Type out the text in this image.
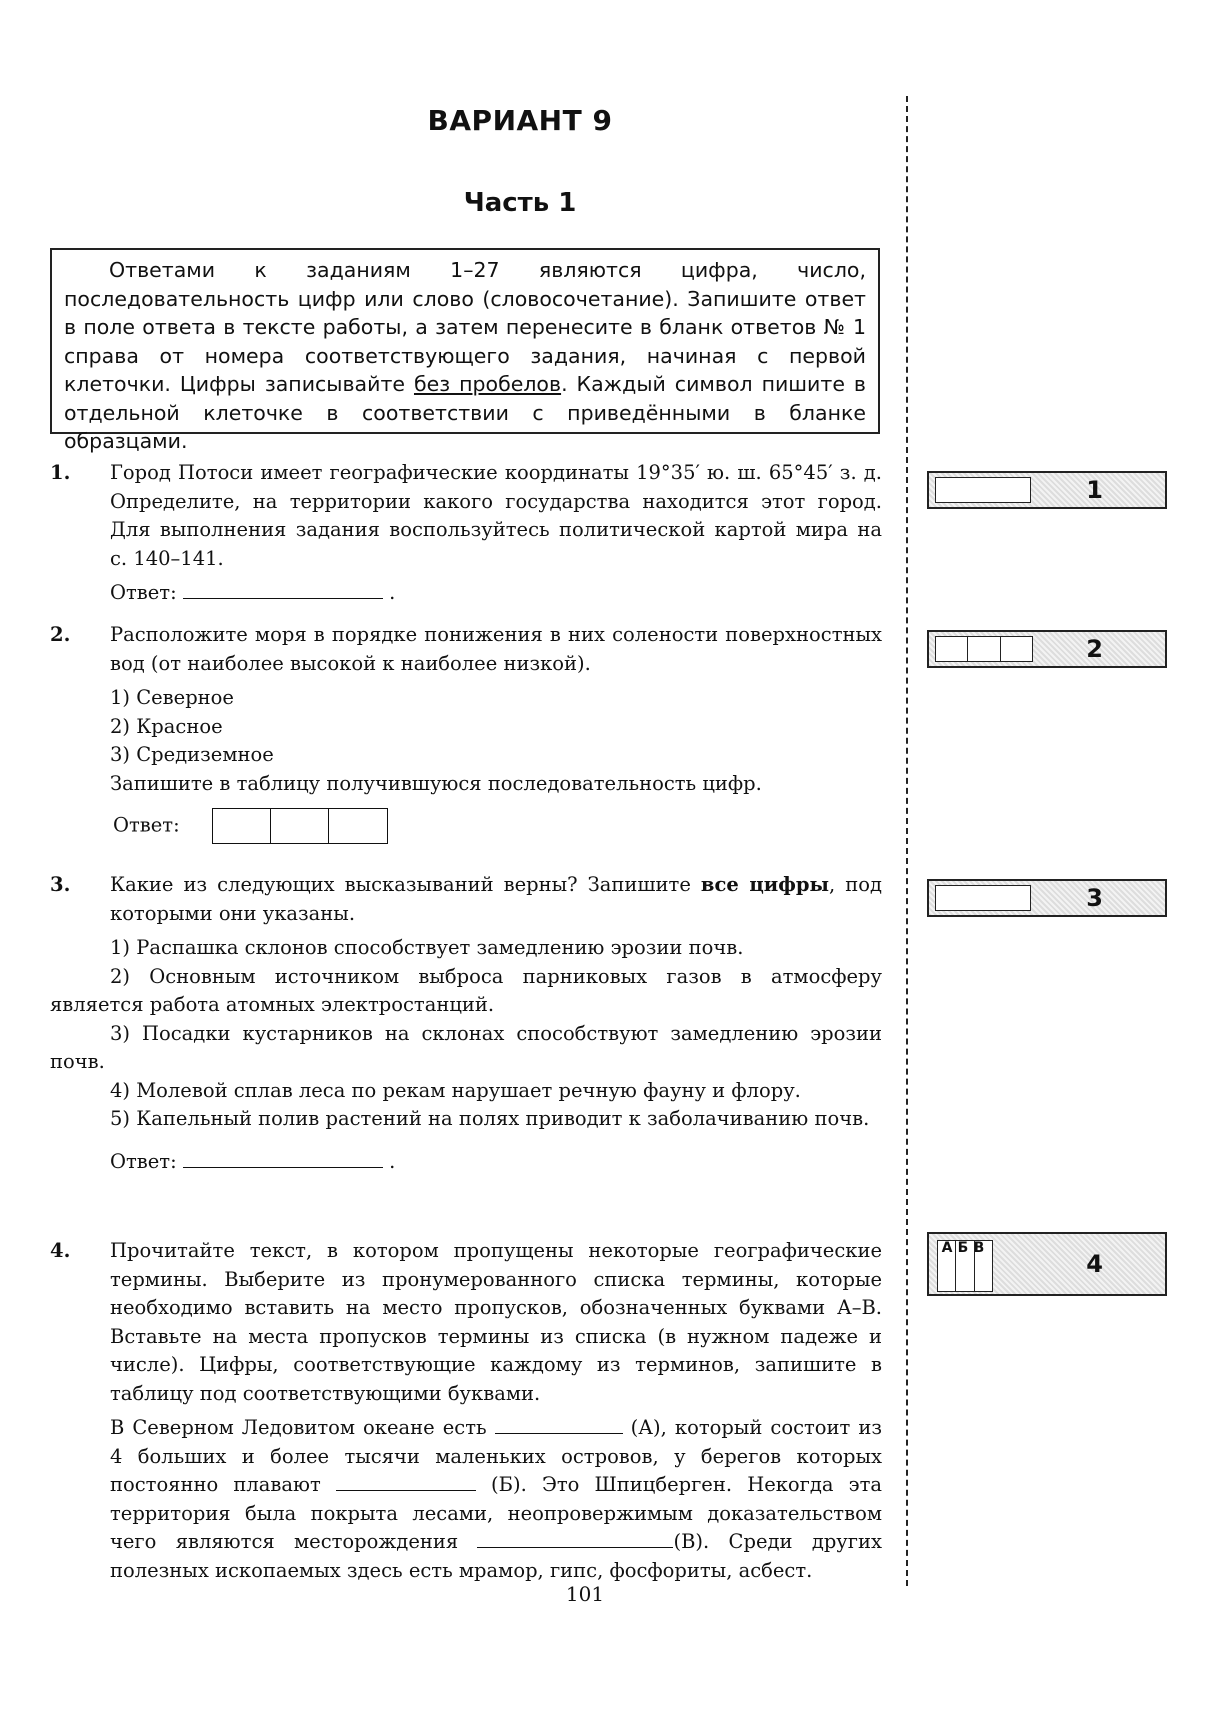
ВАРИАНТ 9
Часть 1

Ответами к заданиям 1–27 являются цифра, число, последовательность цифр или слово (словосочетание). Запишите ответ в поле ответа в тексте работы, а затем перенесите в бланк ответов № 1 справа от номера соответствующего задания, начиная с первой клеточки. Цифры записывайте без пробелов. Каждый символ пишите в отдельной клеточке в соответствии с приведёнными в бланке образцами.

1. Город Потоси имеет географические координаты 19°35′ ю. ш. 65°45′ з. д. Определите, на территории какого государства находится этот город. Для выполнения задания воспользуйтесь политической картой мира на с. 140–141.
Ответ:	.
2. Расположите моря в порядке понижения в них солености поверхностных вод (от наиболее высокой к наиболее низкой).
1) Северное
2) Красное
3) Средиземное
Запишите в таблицу получившуюся последовательность цифр.
Ответ:
3. Какие из следующих высказываний верны? Запишите все цифры, под которыми они указаны.

1) Распашка склонов способствует замедлению эрозии почв.

2) Основным источником выброса парниковых газов в атмосферу является работа атомных электростанций.

3) Посадки кустарников на склонах способствуют замедлению эрозии почв.

4) Молевой сплав леса по рекам нарушает речную фауну и флору.

5) Капельный полив растений на полях приводит к заболачиванию почв.

Ответ:	.
4. Прочитайте текст, в котором пропущены некоторые географические термины. Выберите из пронумерованного списка термины, которые необходимо вставить на место пропусков, обозначенных буквами А–В. Вставьте на места пропусков термины из списка (в нужном падеже и числе). Цифры, соответствующие каждому из терминов, запишите в таблицу под соответствующими буквами.
В Северном Ледовитом океане есть	(А), который состоит из 4 больших и более тысячи маленьких островов, у берегов которых постоянно плавают	(Б). Это Шпицберген. Некогда эта территория была покрыта лесами, неопровержимым доказательством чего являются месторождения	(В). Среди других полезных ископаемых здесь есть мрамор, гипс, фосфориты, асбест.
1
2
3
А Б В
4
101
